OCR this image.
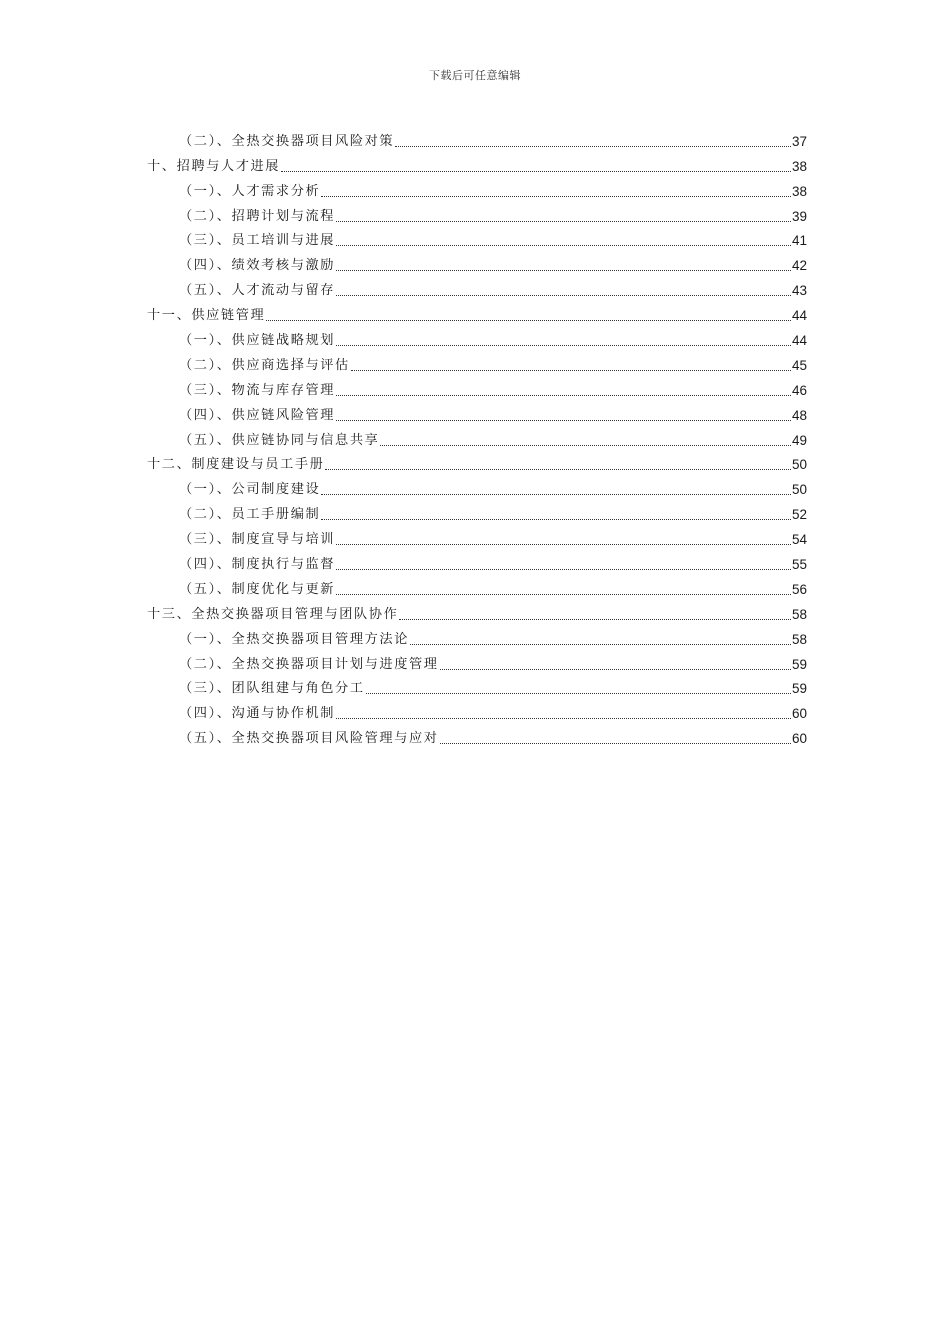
下载后可任意编辑
（二）、全热交换器项目风险对策	37
十、招聘与人才进展	38
（一）、人才需求分析	38
（二）、招聘计划与流程	39
（三）、员工培训与进展	41
（四）、绩效考核与激励	42
（五）、人才流动与留存	43
十一、供应链管理	44
（一）、供应链战略规划	44
（二）、供应商选择与评估	45
（三）、物流与库存管理	46
（四）、供应链风险管理	48
（五）、供应链协同与信息共享	49
十二、制度建设与员工手册	50
（一）、公司制度建设	50
（二）、员工手册编制	52
（三）、制度宣导与培训	54
（四）、制度执行与监督	55
（五）、制度优化与更新	56
十三、全热交换器项目管理与团队协作	58
（一）、全热交换器项目管理方法论	58
（二）、全热交换器项目计划与进度管理	59
（三）、团队组建与角色分工	59
（四）、沟通与协作机制	60
（五）、全热交换器项目风险管理与应对	60
